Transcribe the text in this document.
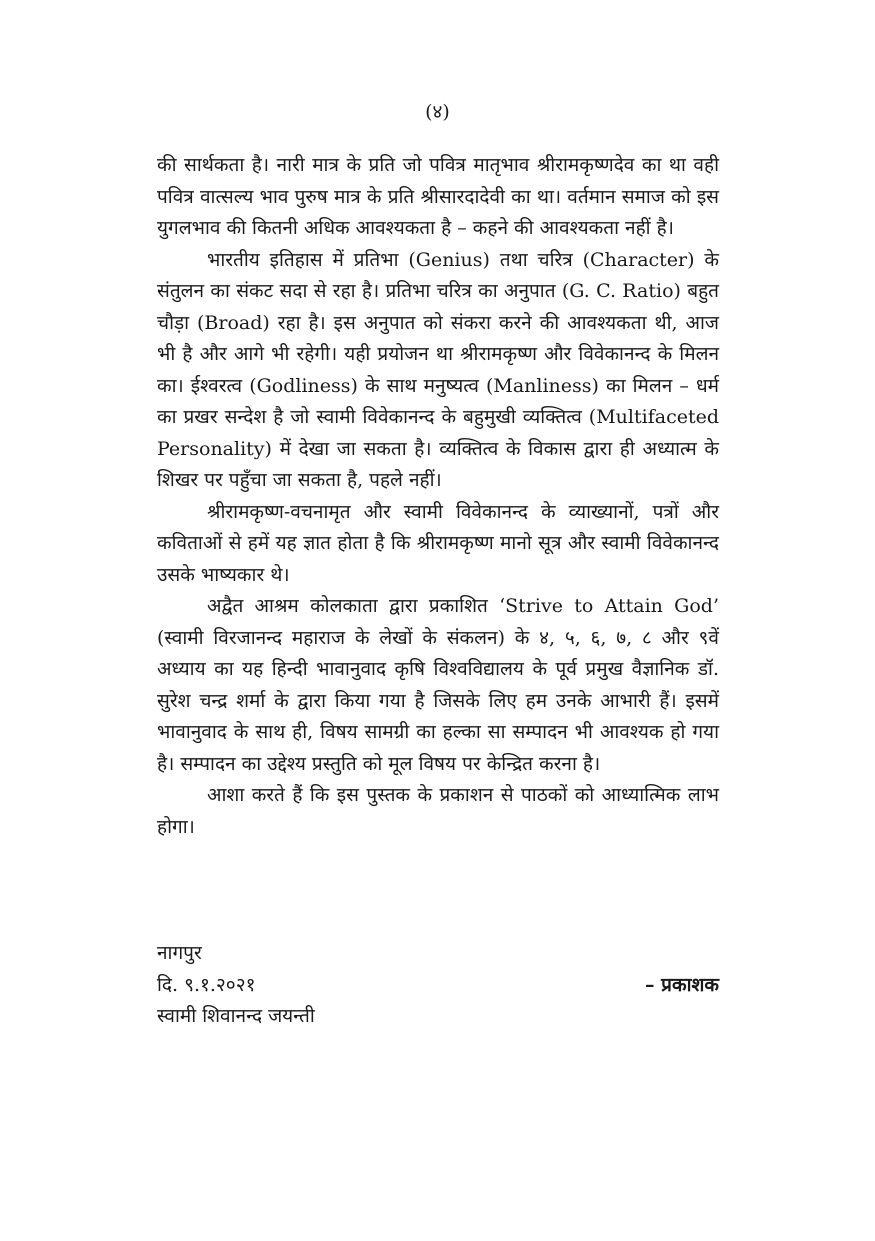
(४)

की सार्थकता है। नारी मात्र के प्रति जो पवित्र मातृभाव श्रीरामकृष्णदेव का था वही पवित्र वात्सल्य भाव पुरुष मात्र के प्रति श्रीसारदादेवी का था। वर्तमान समाज को इस युगलभाव की कितनी अधिक आवश्यकता है – कहने की आवश्यकता नहीं है।

भारतीय इतिहास में प्रतिभा (Genius) तथा चरित्र (Character) के संतुलन का संकट सदा से रहा है। प्रतिभा चरित्र का अनुपात (G. C. Ratio) बहुत चौड़ा (Broad) रहा है। इस अनुपात को संकरा करने की आवश्यकता थी, आज भी है और आगे भी रहेगी। यही प्रयोजन था श्रीरामकृष्ण और विवेकानन्द के मिलन का। ईश्वरत्व (Godliness) के साथ मनुष्यत्व (Manliness) का मिलन – धर्म का प्रखर सन्देश है जो स्वामी विवेकानन्द के बहुमुखी व्यक्तित्व (Multifaceted Personality) में देखा जा सकता है। व्यक्तित्व के विकास द्वारा ही अध्यात्म के शिखर पर पहुँचा जा सकता है, पहले नहीं।

श्रीरामकृष्ण-वचनामृत और स्वामी विवेकानन्द के व्याख्यानों, पत्रों और कविताओं से हमें यह ज्ञात होता है कि श्रीरामकृष्ण मानो सूत्र और स्वामी विवेकानन्द उसके भाष्यकार थे।

अद्वैत आश्रम कोलकाता द्वारा प्रकाशित ‘Strive to Attain God’ (स्वामी विरजानन्द महाराज के लेखों के संकलन) के ४, ५, ६, ७, ८ और ९वें अध्याय का यह हिन्दी भावानुवाद कृषि विश्वविद्यालय के पूर्व प्रमुख वैज्ञानिक डॉ. सुरेश चन्द्र शर्मा के द्वारा किया गया है जिसके लिए हम उनके आभारी हैं। इसमें भावानुवाद के साथ ही, विषय सामग्री का हल्का सा सम्पादन भी आवश्यक हो गया है। सम्पादन का उद्देश्य प्रस्तुति को मूल विषय पर केन्द्रित करना है।

आशा करते हैं कि इस पुस्तक के प्रकाशन से पाठकों को आध्यात्मिक लाभ होगा।

नागपुर
दि. ९.१.२०२१	– प्रकाशक
स्वामी शिवानन्द जयन्ती
